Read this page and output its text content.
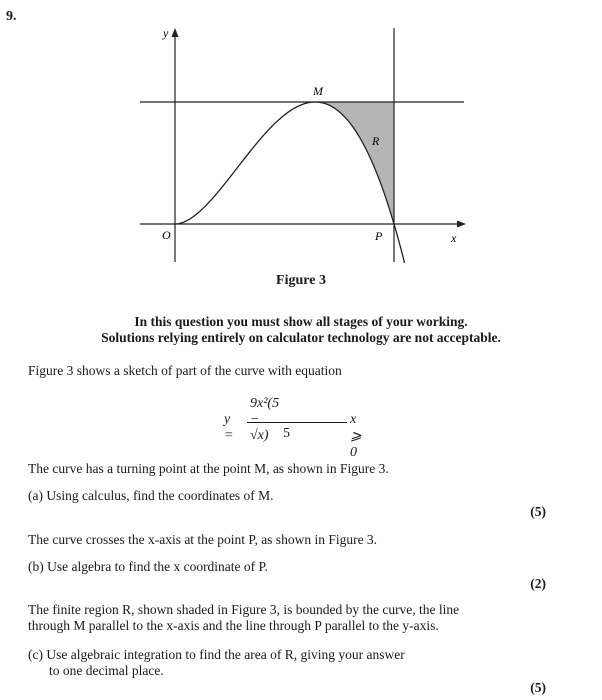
9.
y
x
O
M
R
P
Figure 3
In this question you must show all stages of your working.
Solutions relying entirely on calculator technology are not acceptable.
Figure 3 shows a sketch of part of the curve with equation
y =
9x²(5 − √x)	5
x ⩾ 0
The curve has a turning point at the point M, as shown in Figure 3.
(a) Using calculus, find the coordinates of M.
(5)
The curve crosses the x-axis at the point P, as shown in Figure 3.
(b) Use algebra to find the x coordinate of P.
(2)
The finite region R, shown shaded in Figure 3, is bounded by the curve, the line
through M parallel to the x-axis and the line through P parallel to the y-axis.
(c) Use algebraic integration to find the area of R, giving your answer
to one decimal place.
(5)
